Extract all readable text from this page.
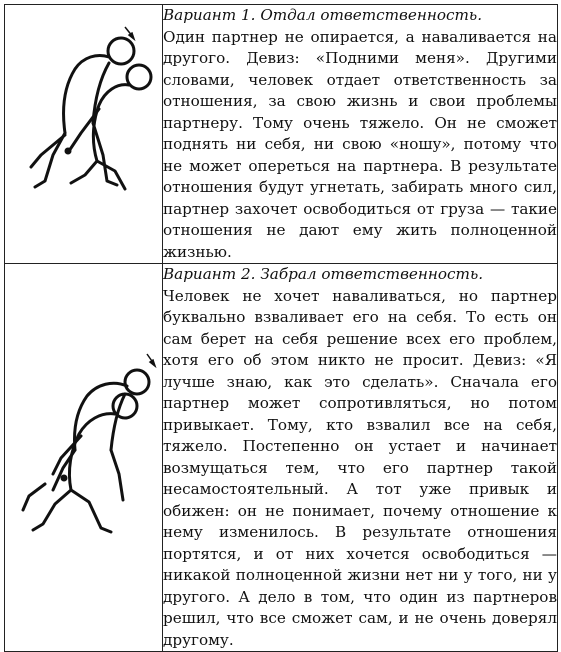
Вариант 1. Отдал ответственность.

Один партнер не опирается, а наваливается на другого. Девиз: «Подними меня». Другими словами, человек отдает ответственность за отношения, за свою жизнь и свои проблемы партнеру. Тому очень тяжело. Он не сможет поднять ни себя, ни свою «ношу», потому что не может опереться на партнера. В результате отношения будут угнетать, забирать много сил, партнер захочет освободиться от груза — такие отношения не дают ему жить полноценной жизнью.

Вариант 2. Забрал ответственность.

Человек не хочет наваливаться, но партнер буквально взваливает его на себя. То есть он сам берет на себя решение всех его проблем, хотя его об этом никто не просит. Девиз: «Я лучше знаю, как это сделать». Сначала его партнер может сопротивляться, но потом привыкает. Тому, кто взвалил все на себя, тяжело. Постепенно он устает и начинает возмущаться тем, что его партнер такой несамостоятельный. А тот уже привык и обижен: он не понимает, почему отношение к нему изменилось. В результате отношения портятся, и от них хочется освободиться — никакой полноценной жизни нет ни у того, ни у другого. А дело в том, что один из партнеров решил, что все сможет сам, и не очень доверял другому.
